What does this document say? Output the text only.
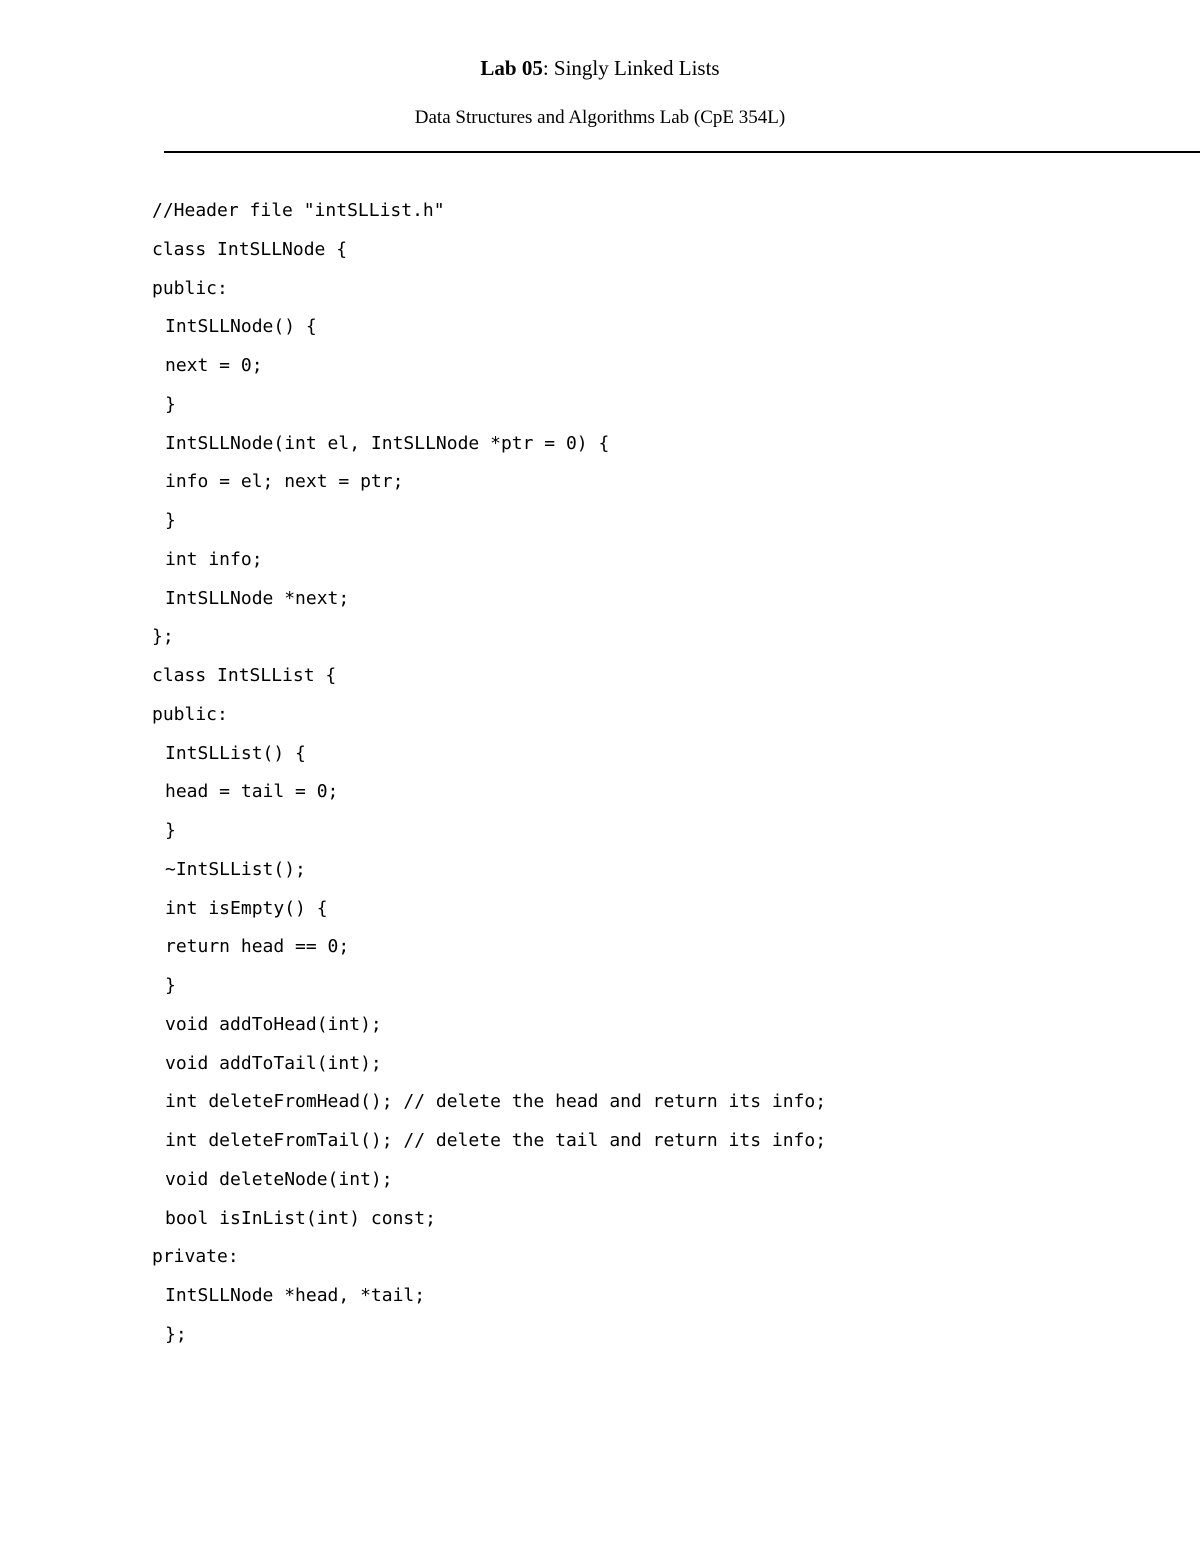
Lab 05: Singly Linked Lists
Data Structures and Algorithms Lab (CpE 354L)
//Header file "intSLList.h"
class IntSLLNode {
public:
IntSLLNode() {
next = 0;
}
IntSLLNode(int el, IntSLLNode *ptr = 0) {
info = el; next = ptr;
}
int info;
IntSLLNode *next;
};
class IntSLList {
public:
IntSLList() {
head = tail = 0;
}
~IntSLList();
int isEmpty() {
return head == 0;
}
void addToHead(int);
void addToTail(int);
int deleteFromHead(); // delete the head and return its info;
int deleteFromTail(); // delete the tail and return its info;
void deleteNode(int);
bool isInList(int) const;
private:
IntSLLNode *head, *tail;
};
